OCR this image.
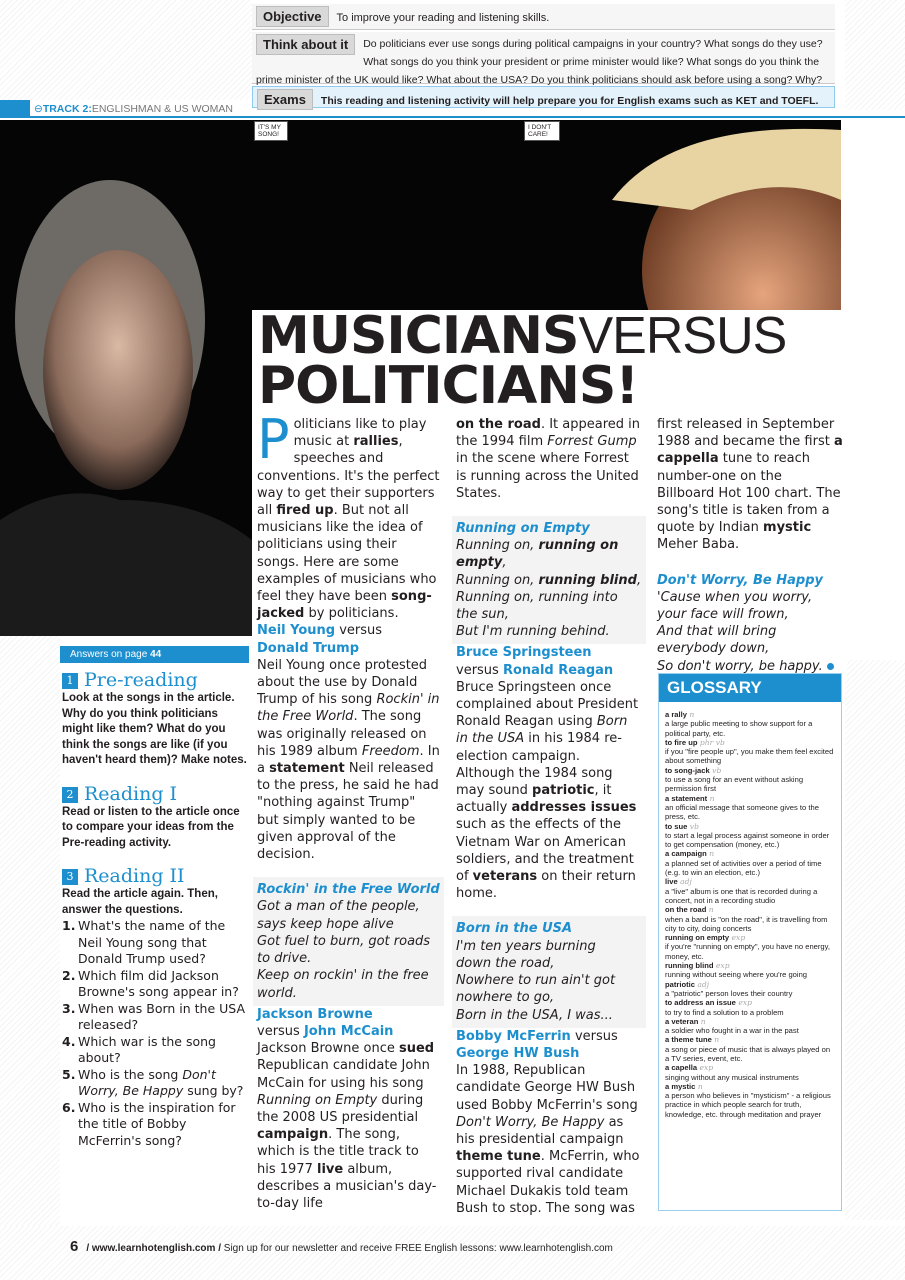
⊖TRACK 2:ENGLISHMAN & US WOMAN
Objective To improve your reading and listening skills.
Think about it	Do politicians ever use songs during political campaigns in your country? What songs do they use? What songs do you think your president or prime minister would like? What songs do you think the prime minister of the UK would like? What about the USA? Do you think politicians should ask before using a song? Why?
Exams This reading and listening activity will help prepare you for English exams such as KET and TOEFL.
IT'S MY SONG!
I DON'T CARE!
MUSICIANSVERSUS
POLITICIANS!

Politicians like to play music at rallies, speeches and conventions. It's the perfect way to get their supporters all fired up. But not all musicians like the idea of politicians using their songs. Here are some examples of musicians who feel they have been song-jacked by politicians.

Neil Young versus
Donald Trump

Neil Young once protested about the use by Donald Trump of his song Rockin' in the Free World. The song was originally released on his 1989 album Freedom. In a statement Neil released to the press, he said he had "nothing against Trump" but simply wanted to be given approval of the decision.

Rockin' in the Free World
Got a man of the people,
says keep hope alive
Got fuel to burn, got roads
to drive.
Keep on rockin' in the free
world.

Jackson Browne
versus John McCain

Jackson Browne once sued Republican candidate John McCain for using his song Running on Empty during the 2008 US presidential campaign. The song, which is the title track to his 1977 live album, describes a musician's day-to-day life

on the road. It appeared in the 1994 film Forrest Gump in the scene where Forrest is running across the United States.

Running on Empty
Running on, running on empty,
Running on, running blind,
Running on, running into
the sun,
But I'm running behind.

Bruce Springsteen
versus Ronald Reagan

Bruce Springsteen once complained about President Ronald Reagan using Born in the USA in his 1984 re-election campaign. Although the 1984 song may sound patriotic, it actually addresses issues such as the effects of the Vietnam War on American soldiers, and the treatment of veterans on their return home.

Born in the USA
I'm ten years burning
down the road,
Nowhere to run ain't got
nowhere to go,
Born in the USA, I was...

Bobby McFerrin versus
George HW Bush

In 1988, Republican candidate George HW Bush used Bobby McFerrin's song Don't Worry, Be Happy as his presidential campaign theme tune. McFerrin, who supported rival candidate Michael Dukakis told team Bush to stop. The song was

first released in September 1988 and became the first a cappella tune to reach number-one on the Billboard Hot 100 chart. The song's title is taken from a quote by Indian mystic Meher Baba.

Don't Worry, Be Happy
'Cause when you worry,
your face will frown,
And that will bring
everybody down,
So don't worry, be happy.
GLOSSARY
a rally n
a large public meeting to show support for a political party, etc.
to fire up phr vb
if you "fire people up", you make them feel excited about something
to song-jack vb
to use a song for an event without asking permission first
a statement n
an official message that someone gives to the press, etc.
to sue vb
to start a legal process against someone in order to get compensation (money, etc.)
a campaign n
a planned set of activities over a period of time (e.g. to win an election, etc.)
live adj
a "live" album is one that is recorded during a concert, not in a recording studio
on the road n
when a band is "on the road", it is travelling from city to city, doing concerts
running on empty exp
if you're "running on empty", you have no energy, money, etc.
running blind exp
running without seeing where you're going
patriotic adj
a "patriotic" person loves their country
to address an issue exp
to try to find a solution to a problem
a veteran n
a soldier who fought in a war in the past
a theme tune n
a song or piece of music that is always played on a TV series, event, etc.
a capella exp
singing without any musical instruments
a mystic n
a person who believes in "mysticism" - a religious practice in which people search for truth, knowledge, etc. through meditation and prayer
Answers on page 44
1 Pre-reading
Look at the songs in the article. Why do you think politicians might like them? What do you think the songs are like (if you haven't heard them)? Make notes.
2 Reading I
Read or listen to the article once to compare your ideas from the Pre-reading activity.
3 Reading II
Read the article again. Then, answer the questions.
1. What's the name of the Neil Young song that Donald Trump used?
2. Which film did Jackson Browne's song appear in?
3. When was Born in the USA released?
4. Which war is the song about?
5. Who is the song Don't Worry, Be Happy sung by?
6. Who is the inspiration for the title of Bobby McFerrin's song?
6 / www.learnhotenglish.com / Sign up for our newsletter and receive FREE English lessons: www.learnhotenglish.com
